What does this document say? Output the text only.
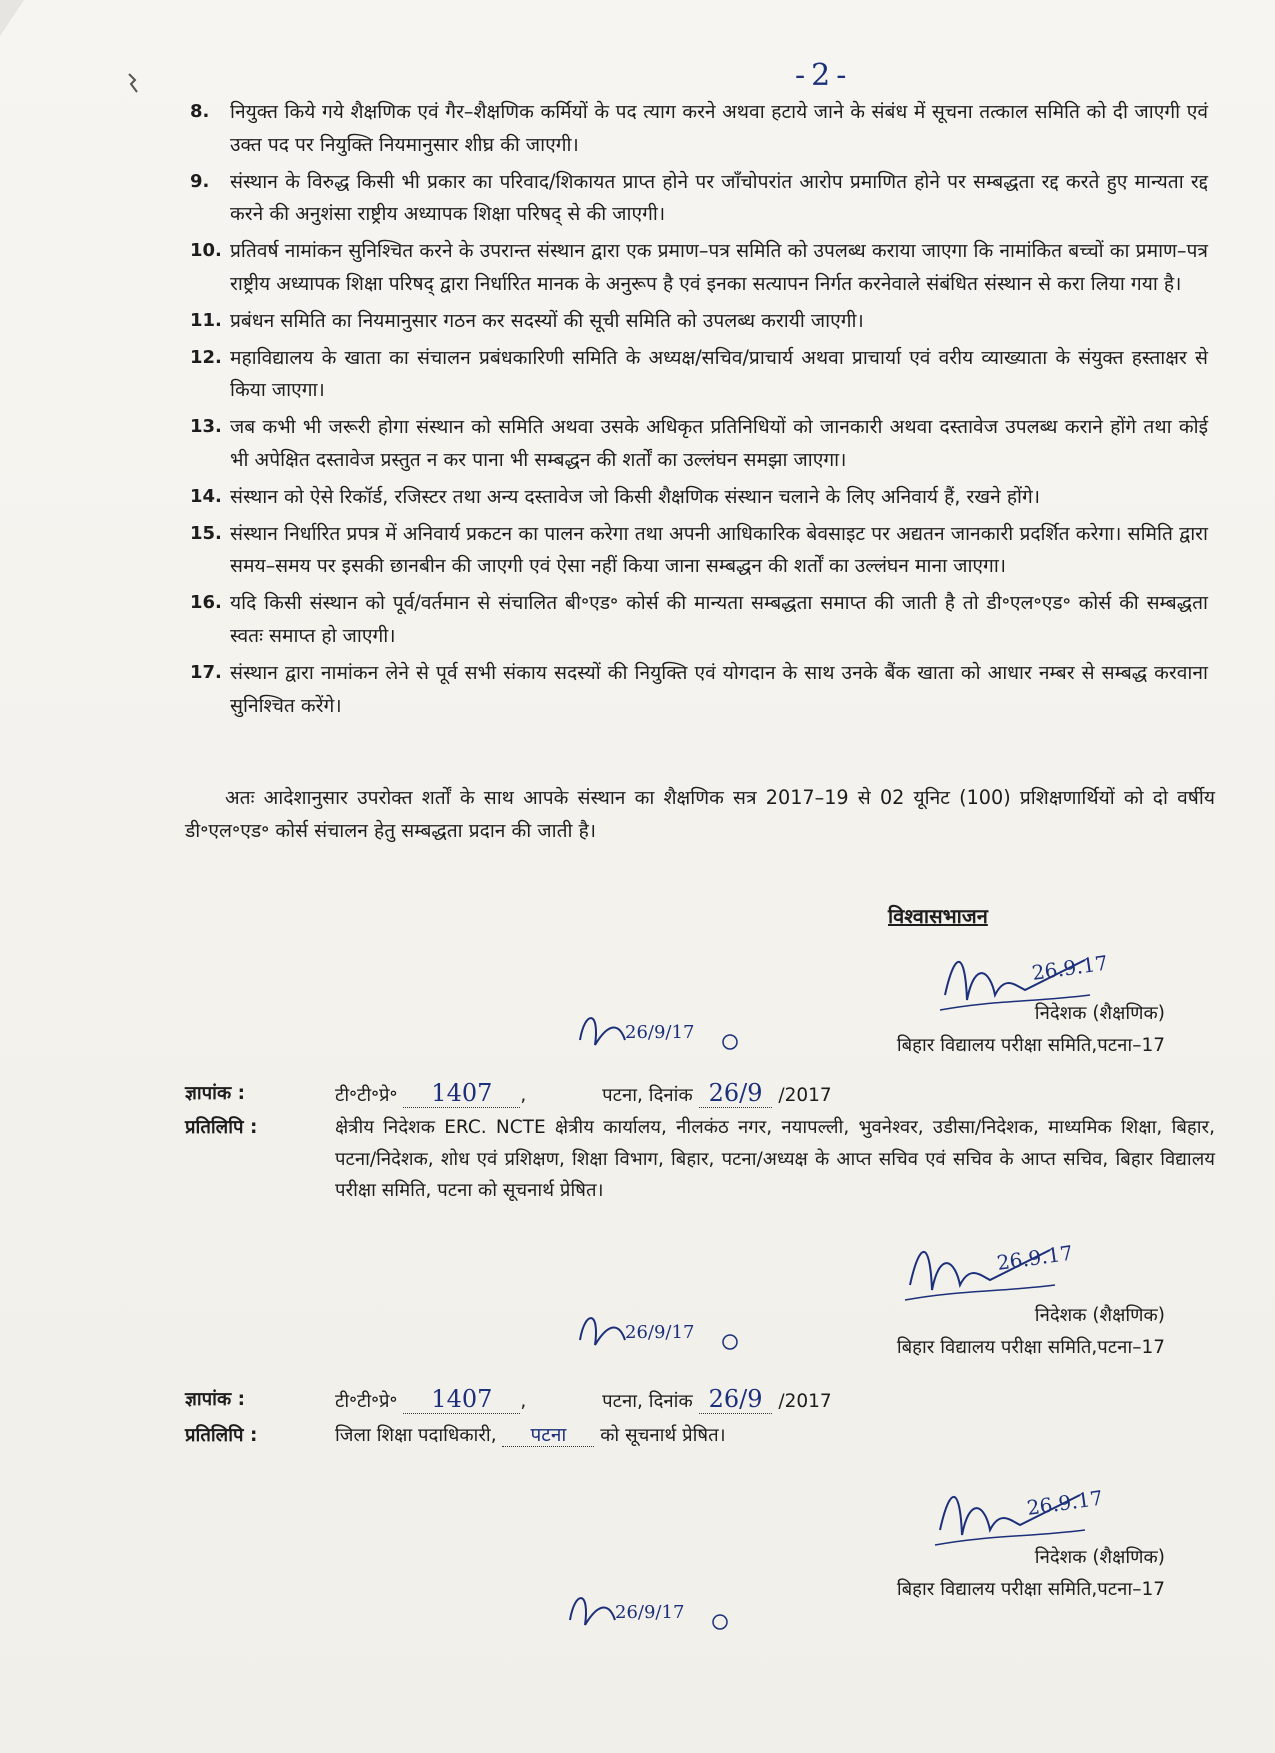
-2-
8. नियुक्त किये गये शैक्षणिक एवं गैर–शैक्षणिक कर्मियों के पद त्याग करने अथवा हटाये जाने के संबंध में सूचना तत्काल समिति को दी जाएगी एवं उक्त पद पर नियुक्ति नियमानुसार शीघ्र की जाएगी।
9. संस्थान के विरुद्ध किसी भी प्रकार का परिवाद/शिकायत प्राप्त होने पर जाँचोपरांत आरोप प्रमाणित होने पर सम्बद्धता रद्द करते हुए मान्यता रद्द करने की अनुशंसा राष्ट्रीय अध्यापक शिक्षा परिषद् से की जाएगी।
10. प्रतिवर्ष नामांकन सुनिश्चित करने के उपरान्त संस्थान द्वारा एक प्रमाण–पत्र समिति को उपलब्ध कराया जाएगा कि नामांकित बच्चों का प्रमाण–पत्र राष्ट्रीय अध्यापक शिक्षा परिषद् द्वारा निर्धारित मानक के अनुरूप है एवं इनका सत्यापन निर्गत करनेवाले संबंधित संस्थान से करा लिया गया है।
11. प्रबंधन समिति का नियमानुसार गठन कर सदस्यों की सूची समिति को उपलब्ध करायी जाएगी।
12. महाविद्यालय के खाता का संचालन प्रबंधकारिणी समिति के अध्यक्ष/सचिव/प्राचार्य अथवा प्राचार्या एवं वरीय व्याख्याता के संयुक्त हस्ताक्षर से किया जाएगा।
13. जब कभी भी जरूरी होगा संस्थान को समिति अथवा उसके अधिकृत प्रतिनिधियों को जानकारी अथवा दस्तावेज उपलब्ध कराने होंगे तथा कोई भी अपेक्षित दस्तावेज प्रस्तुत न कर पाना भी सम्बद्धन की शर्तों का उल्लंघन समझा जाएगा।
14. संस्थान को ऐसे रिकॉर्ड, रजिस्टर तथा अन्य दस्तावेज जो किसी शैक्षणिक संस्थान चलाने के लिए अनिवार्य हैं, रखने होंगे।
15. संस्थान निर्धारित प्रपत्र में अनिवार्य प्रकटन का पालन करेगा तथा अपनी आधिकारिक बेवसाइट पर अद्यतन जानकारी प्रदर्शित करेगा। समिति द्वारा समय–समय पर इसकी छानबीन की जाएगी एवं ऐसा नहीं किया जाना सम्बद्धन की शर्तों का उल्लंघन माना जाएगा।
16. यदि किसी संस्थान को पूर्व/वर्तमान से संचालित बी॰एड॰ कोर्स की मान्यता सम्बद्धता समाप्त की जाती है तो डी॰एल॰एड॰ कोर्स की सम्बद्धता स्वतः समाप्त हो जाएगी।
17. संस्थान द्वारा नामांकन लेने से पूर्व सभी संकाय सदस्यों की नियुक्ति एवं योगदान के साथ उनके बैंक खाता को आधार नम्बर से सम्बद्ध करवाना सुनिश्चित करेंगे।

अतः आदेशानुसार उपरोक्त शर्तों के साथ आपके संस्थान का शैक्षणिक सत्र 2017–19 से 02 यूनिट (100) प्रशिक्षणार्थियों को दो वर्षीय डी॰एल॰एड॰ कोर्स संचालन हेतु सम्बद्धता प्रदान की जाती है।

विश्वासभाजन
26.9.17
निदेशक (शैक्षणिक)
बिहार विद्यालय परीक्षा समिति,पटना–17
26/9/17
ज्ञापांक :	टी॰टी॰प्रे॰ 1407 ,	पटना, दिनांक 26/9 /2017
प्रतिलिपि :	क्षेत्रीय निदेशक ERC. NCTE क्षेत्रीय कार्यालय, नीलकंठ नगर, नयापल्ली, भुवनेश्वर, उडीसा/निदेशक, माध्यमिक शिक्षा, बिहार, पटना/निदेशक, शोध एवं प्रशिक्षण, शिक्षा विभाग, बिहार, पटना/अध्यक्ष के आप्त सचिव एवं सचिव के आप्त सचिव, बिहार विद्यालय परीक्षा समिति, पटना को सूचनार्थ प्रेषित।
26.9.17
निदेशक (शैक्षणिक)
बिहार विद्यालय परीक्षा समिति,पटना–17
26/9/17
ज्ञापांक :	टी॰टी॰प्रे॰ 1407 ,	पटना, दिनांक 26/9 /2017
प्रतिलिपि :	जिला शिक्षा पदाधिकारी, पटना को सूचनार्थ प्रेषित।
26.9.17
निदेशक (शैक्षणिक)
बिहार विद्यालय परीक्षा समिति,पटना–17
26/9/17
